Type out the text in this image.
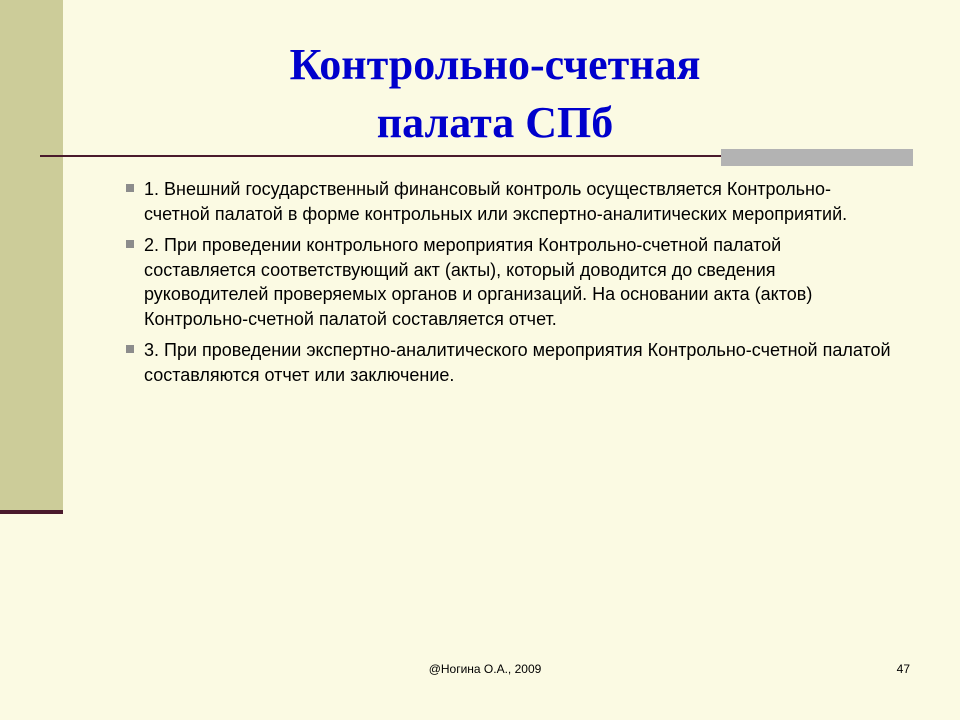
Контрольно-счетная
палата СПб
1. Внешний государственный финансовый контроль осуществляется Контрольно-счетной палатой в форме контрольных или экспертно-аналитических мероприятий.
2. При проведении контрольного мероприятия Контрольно-счетной палатой составляется соответствующий акт (акты), который доводится до сведения руководителей проверяемых органов и организаций. На основании акта (актов) Контрольно-счетной палатой составляется отчет.
3. При проведении экспертно-аналитического мероприятия Контрольно-счетной палатой составляются отчет или заключение.
@Ногина О.А., 2009	47
